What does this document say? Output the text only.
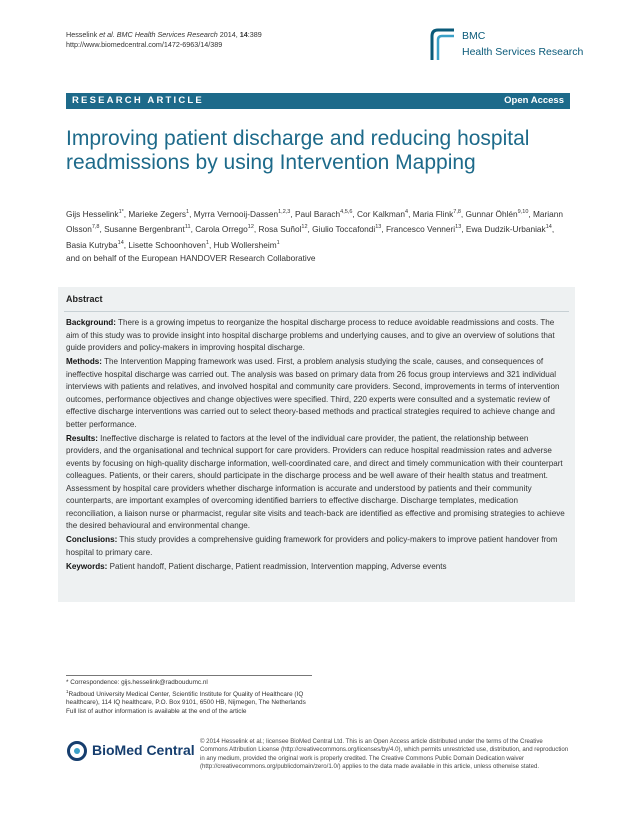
Hesselink et al. BMC Health Services Research 2014, 14:389
http://www.biomedcentral.com/1472-6963/14/389
BMC
Health Services Research
RESEARCH ARTICLE	Open Access
Improving patient discharge and reducing hospital readmissions by using Intervention Mapping
Gijs Hesselink$^{1*}$, Marieke Zegers$^1$, Myrra Vernooij-Dassen$^{1,2,3}$, Paul Barach$^{4,5,6}$, Cor Kalkman$^4$, Maria Flink$^{7,8}$, Gunnar Öhlén$^{9,10}$, Mariann Olsson$^{7,8}$, Susanne Bergenbrant$^{11}$, Carola Orrego$^{12}$, Rosa Suñol$^{12}$, Giulio Toccafondi$^{13}$, Francesco Venneri$^{13}$, Ewa Dudzik-Urbaniak$^{14}$, Basia Kutryba$^{14}$, Lisette Schoonhoven$^1$, Hub Wollersheim$^1$
and on behalf of the European HANDOVER Research Collaborative
Abstract

Background: There is a growing impetus to reorganize the hospital discharge process to reduce avoidable readmissions and costs. The aim of this study was to provide insight into hospital discharge problems and underlying causes, and to give an overview of solutions that guide providers and policy-makers in improving hospital discharge.

Methods: The Intervention Mapping framework was used. First, a problem analysis studying the scale, causes, and consequences of ineffective hospital discharge was carried out. The analysis was based on primary data from 26 focus group interviews and 321 individual interviews with patients and relatives, and involved hospital and community care providers. Second, improvements in terms of intervention outcomes, performance objectives and change objectives were specified. Third, 220 experts were consulted and a systematic review of effective discharge interventions was carried out to select theory-based methods and practical strategies required to achieve change and better performance.

Results: Ineffective discharge is related to factors at the level of the individual care provider, the patient, the relationship between providers, and the organisational and technical support for care providers. Providers can reduce hospital readmission rates and adverse events by focusing on high-quality discharge information, well-coordinated care, and direct and timely communication with their counterpart colleagues. Patients, or their carers, should participate in the discharge process and be well aware of their health status and treatment. Assessment by hospital care providers whether discharge information is accurate and understood by patients and their community counterparts, are important examples of overcoming identified barriers to effective discharge. Discharge templates, medication reconciliation, a liaison nurse or pharmacist, regular site visits and teach-back are identified as effective and promising strategies to achieve the desired behavioural and environmental change.

Conclusions: This study provides a comprehensive guiding framework for providers and policy-makers to improve patient handover from hospital to primary care.

Keywords: Patient handoff, Patient discharge, Patient readmission, Intervention mapping, Adverse events

* Correspondence: gijs.hesselink@radboudumc.nl
$^1$Radboud University Medical Center, Scientific Institute for Quality of Healthcare (IQ healthcare), 114 IQ healthcare, P.O. Box 9101, 6500 HB, Nijmegen, The Netherlands
Full list of author information is available at the end of the article
BioMed Central
© 2014 Hesselink et al.; licensee BioMed Central Ltd. This is an Open Access article distributed under the terms of the Creative Commons Attribution License (http://creativecommons.org/licenses/by/4.0), which permits unrestricted use, distribution, and reproduction in any medium, provided the original work is properly credited. The Creative Commons Public Domain Dedication waiver (http://creativecommons.org/publicdomain/zero/1.0/) applies to the data made available in this article, unless otherwise stated.
